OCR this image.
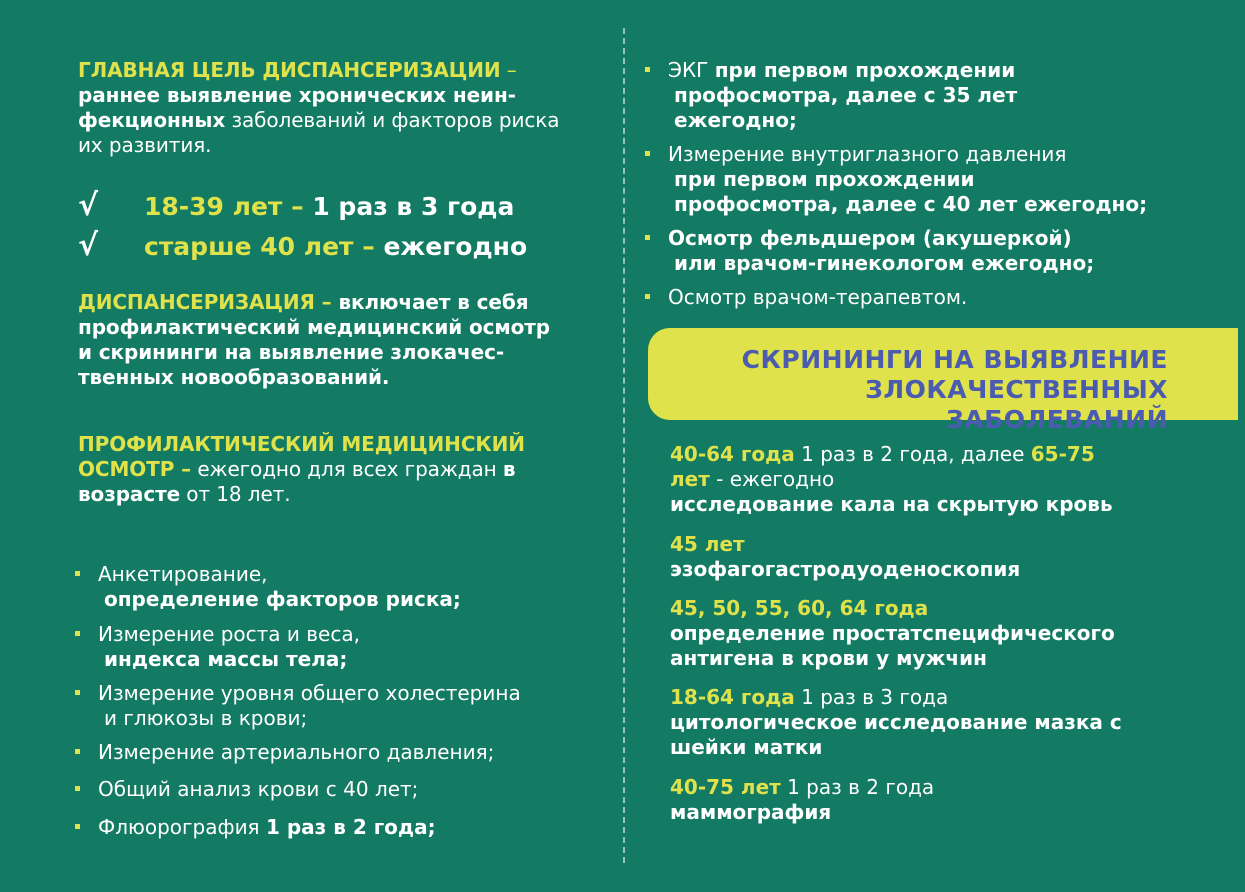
ГЛАВНАЯ ЦЕЛЬ ДИСПАНСЕРИЗАЦИИ –
раннее выявление хронических неин-
фекционных заболеваний и факторов риска
их развития.
√ 18-39 лет – 1 раз в 3 года
√ старше 40 лет – ежегодно
ДИСПАНСЕРИЗАЦИЯ – включает в себя
профилактический медицинский осмотр
и скрининги на выявление злокачес-
твенных новообразований.
ПРОФИЛАКТИЧЕСКИЙ МЕДИЦИНСКИЙ
ОСМОТР – ежегодно для всех граждан в
возрасте от 18 лет.
Анкетирование,

определение факторов риска;
Измерение роста и веса,

индекса массы тела;
Измерение уровня общего холестерина

и глюкозы в крови;
Измерение артериального давления;
Общий анализ крови с 40 лет;
Флюорография 1 раз в 2 года;
ЭКГ при первом прохождении

профосмотра, далее с 35 лет
ежегодно;
Измерение внутриглазного давления

при первом прохождении
профосмотра, далее с 40 лет ежегодно;
Осмотр фельдшером (акушеркой)

или врачом-гинекологом ежегодно;
Осмотр врачом-терапевтом.
СКРИНИНГИ НА ВЫЯВЛЕНИЕ
ЗЛОКАЧЕСТВЕННЫХ ЗАБОЛЕВАНИЙ
40-64 года 1 раз в 2 года, далее 65-75
лет - ежегодно
исследование кала на скрытую кровь
45 лет
эзофагогастродуоденоскопия
45, 50, 55, 60, 64 года
определение простатспецифического
антигена в крови у мужчин
18-64 года 1 раз в 3 года
цитологическое исследование мазка с
шейки матки
40-75 лет 1 раз в 2 года
маммография
